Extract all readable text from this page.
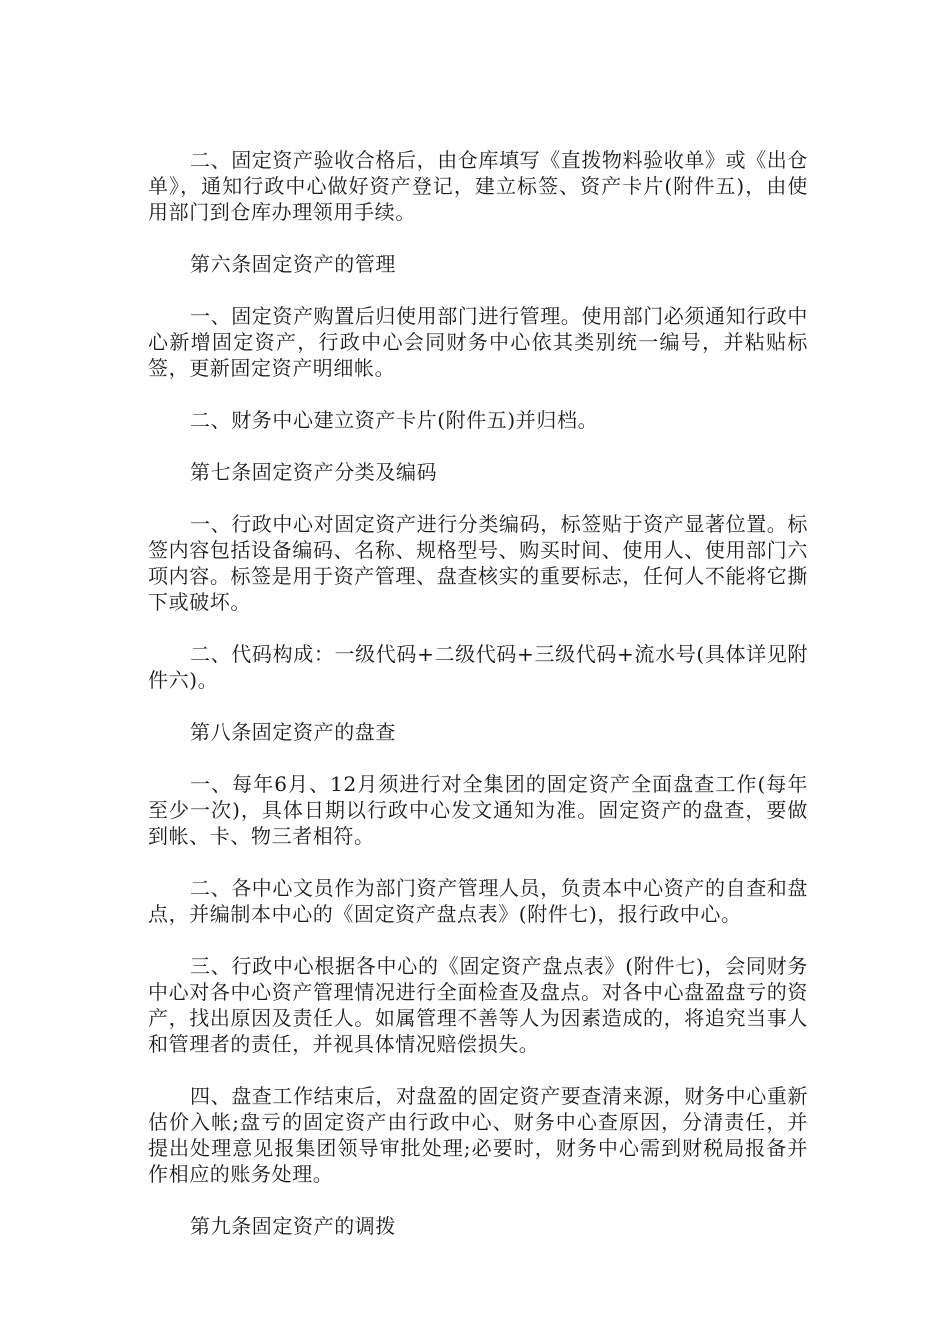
二、固定资产验收合格后，由仓库填写《直拨物料验收单》或《出仓单》，通知行政中心做好资产登记，建立标签、资产卡片(附件五)，由使用部门到仓库办理领用手续。

第六条固定资产的管理

一、固定资产购置后归使用部门进行管理。使用部门必须通知行政中心新增固定资产，行政中心会同财务中心依其类别统一编号，并粘贴标签，更新固定资产明细帐。

二、财务中心建立资产卡片(附件五)并归档。

第七条固定资产分类及编码

一、行政中心对固定资产进行分类编码，标签贴于资产显著位置。标签内容包括设备编码、名称、规格型号、购买时间、使用人、使用部门六项内容。标签是用于资产管理、盘查核实的重要标志，任何人不能将它撕下或破坏。

二、代码构成：一级代码+二级代码+三级代码+流水号(具体详见附件六)。

第八条固定资产的盘查

一、每年6月、12月须进行对全集团的固定资产全面盘查工作(每年至少一次)，具体日期以行政中心发文通知为准。固定资产的盘查，要做到帐、卡、物三者相符。

二、各中心文员作为部门资产管理人员，负责本中心资产的自查和盘点，并编制本中心的《固定资产盘点表》(附件七)，报行政中心。

三、行政中心根据各中心的《固定资产盘点表》(附件七)，会同财务中心对各中心资产管理情况进行全面检查及盘点。对各中心盘盈盘亏的资产，找出原因及责任人。如属管理不善等人为因素造成的，将追究当事人和管理者的责任，并视具体情况赔偿损失。

四、盘查工作结束后，对盘盈的固定资产要查清来源，财务中心重新估价入帐;盘亏的固定资产由行政中心、财务中心查原因，分清责任，并提出处理意见报集团领导审批处理;必要时，财务中心需到财税局报备并作相应的账务处理。

第九条固定资产的调拨
